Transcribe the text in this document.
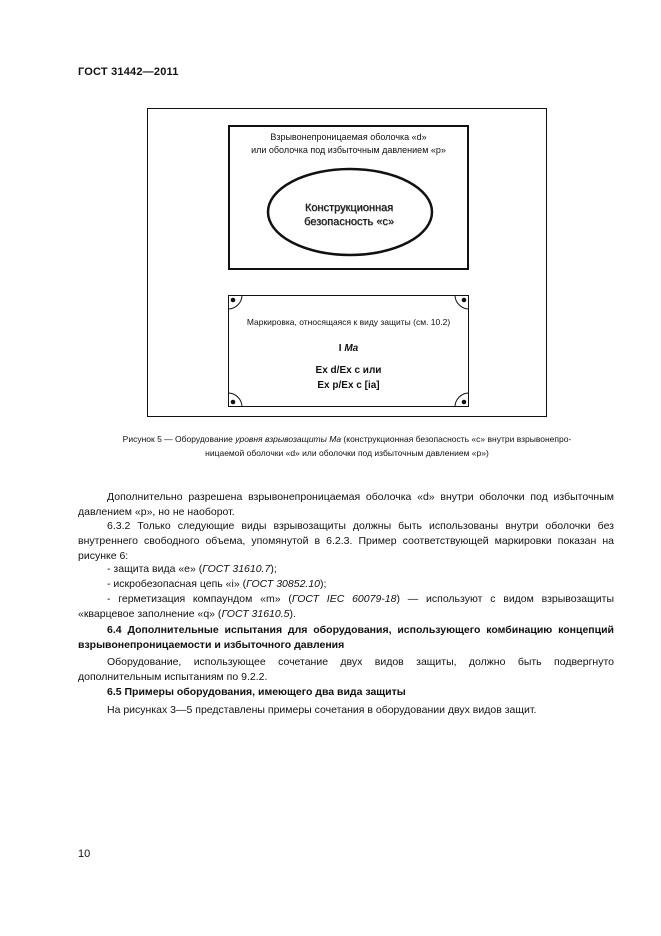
ГОСТ 31442—2011
Взрывонепроницаемая оболочка «d»
или оболочка под избыточным давлением «p»
Конструкционная
безопасность «c»
Маркировка, относящаяся к виду защиты (см. 10.2)
I Ma
Ex d/Ex c или
Ex p/Ex c [ia]
Рисунок 5 — Оборудование уровня взрывозащиты Ma (конструкционная безопасность «c» внутри взрывонепро-
ницаемой оболочки «d» или оболочки под избыточным давлением «p»)

Дополнительно разрешена взрывонепроницаемая оболочка «d» внутри оболочки под избыточным давлением «p», но не наоборот.

6.3.2 Только следующие виды взрывозащиты должны быть использованы внутри оболочки без внутреннего свободного объема, упомянутой в 6.2.3. Пример соответствующей маркировки показан на рисунке 6:

- защита вида «e» (ГОСТ 31610.7);

- искробезопасная цепь «i» (ГОСТ 30852.10);

- герметизация компаундом «m» (ГОСТ IEC 60079-18) — используют с видом взрывозащиты «кварцевое заполнение «q» (ГОСТ 31610.5).

6.4 Дополнительные испытания для оборудования, использующего комбинацию концепций взрывонепроницаемости и избыточного давления

Оборудование, использующее сочетание двух видов защиты, должно быть подвергнуто дополнительным испытаниям по 9.2.2.

6.5 Примеры оборудования, имеющего два вида защиты

На рисунках 3—5 представлены примеры сочетания в оборудовании двух видов защит.

10
